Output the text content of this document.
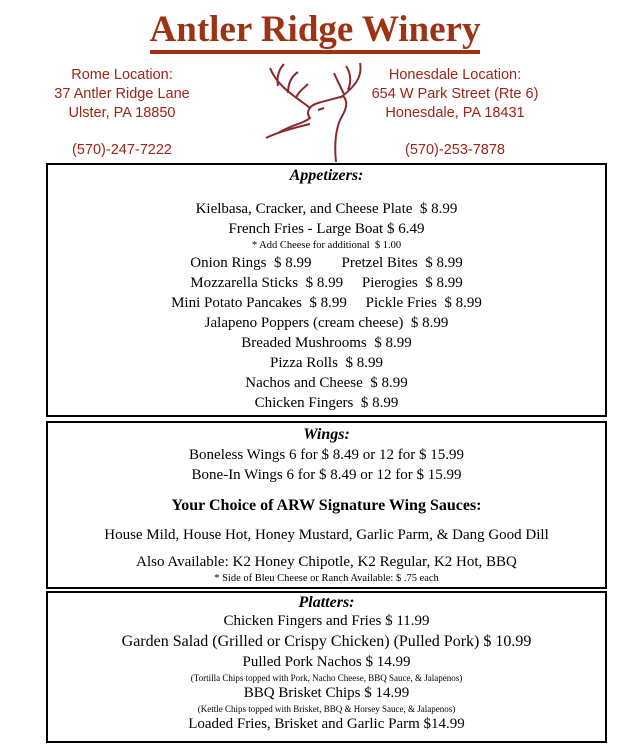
Antler Ridge Winery
Rome Location:
37 Antler Ridge Lane
Ulster, PA 18850
(570)-247-7222
Honesdale Location:
654 W Park Street (Rte 6)
Honesdale, PA 18431
(570)-253-7878
Appetizers:
Kielbasa, Cracker, and Cheese Plate  $ 8.99
French Fries - Large Boat $ 6.49
* Add Cheese for additional  $ 1.00
Onion Rings  $ 8.99        Pretzel Bites  $ 8.99
Mozzarella Sticks  $ 8.99     Pierogies  $ 8.99
Mini Potato Pancakes  $ 8.99     Pickle Fries  $ 8.99
Jalapeno Poppers (cream cheese)  $ 8.99
Breaded Mushrooms  $ 8.99
Pizza Rolls  $ 8.99
Nachos and Cheese  $ 8.99
Chicken Fingers  $ 8.99
Wings:
Boneless Wings 6 for $ 8.49 or 12 for $ 15.99
Bone-In Wings 6 for $ 8.49 or 12 for $ 15.99
Your Choice of ARW Signature Wing Sauces:
House Mild, House Hot, Honey Mustard, Garlic Parm, & Dang Good Dill
Also Available: K2 Honey Chipotle, K2 Regular, K2 Hot, BBQ
* Side of Bleu Cheese or Ranch Available: $ .75 each
Platters:
Chicken Fingers and Fries $ 11.99
Garden Salad (Grilled or Crispy Chicken) (Pulled Pork) $ 10.99
Pulled Pork Nachos $ 14.99
(Tortilla Chips topped with Pork, Nacho Cheese, BBQ Sauce, & Jalapenos)
BBQ Brisket Chips $ 14.99
(Kettle Chips topped with Brisket, BBQ & Horsey Sauce, & Jalapenos)
Loaded Fries, Brisket and Garlic Parm $14.99
